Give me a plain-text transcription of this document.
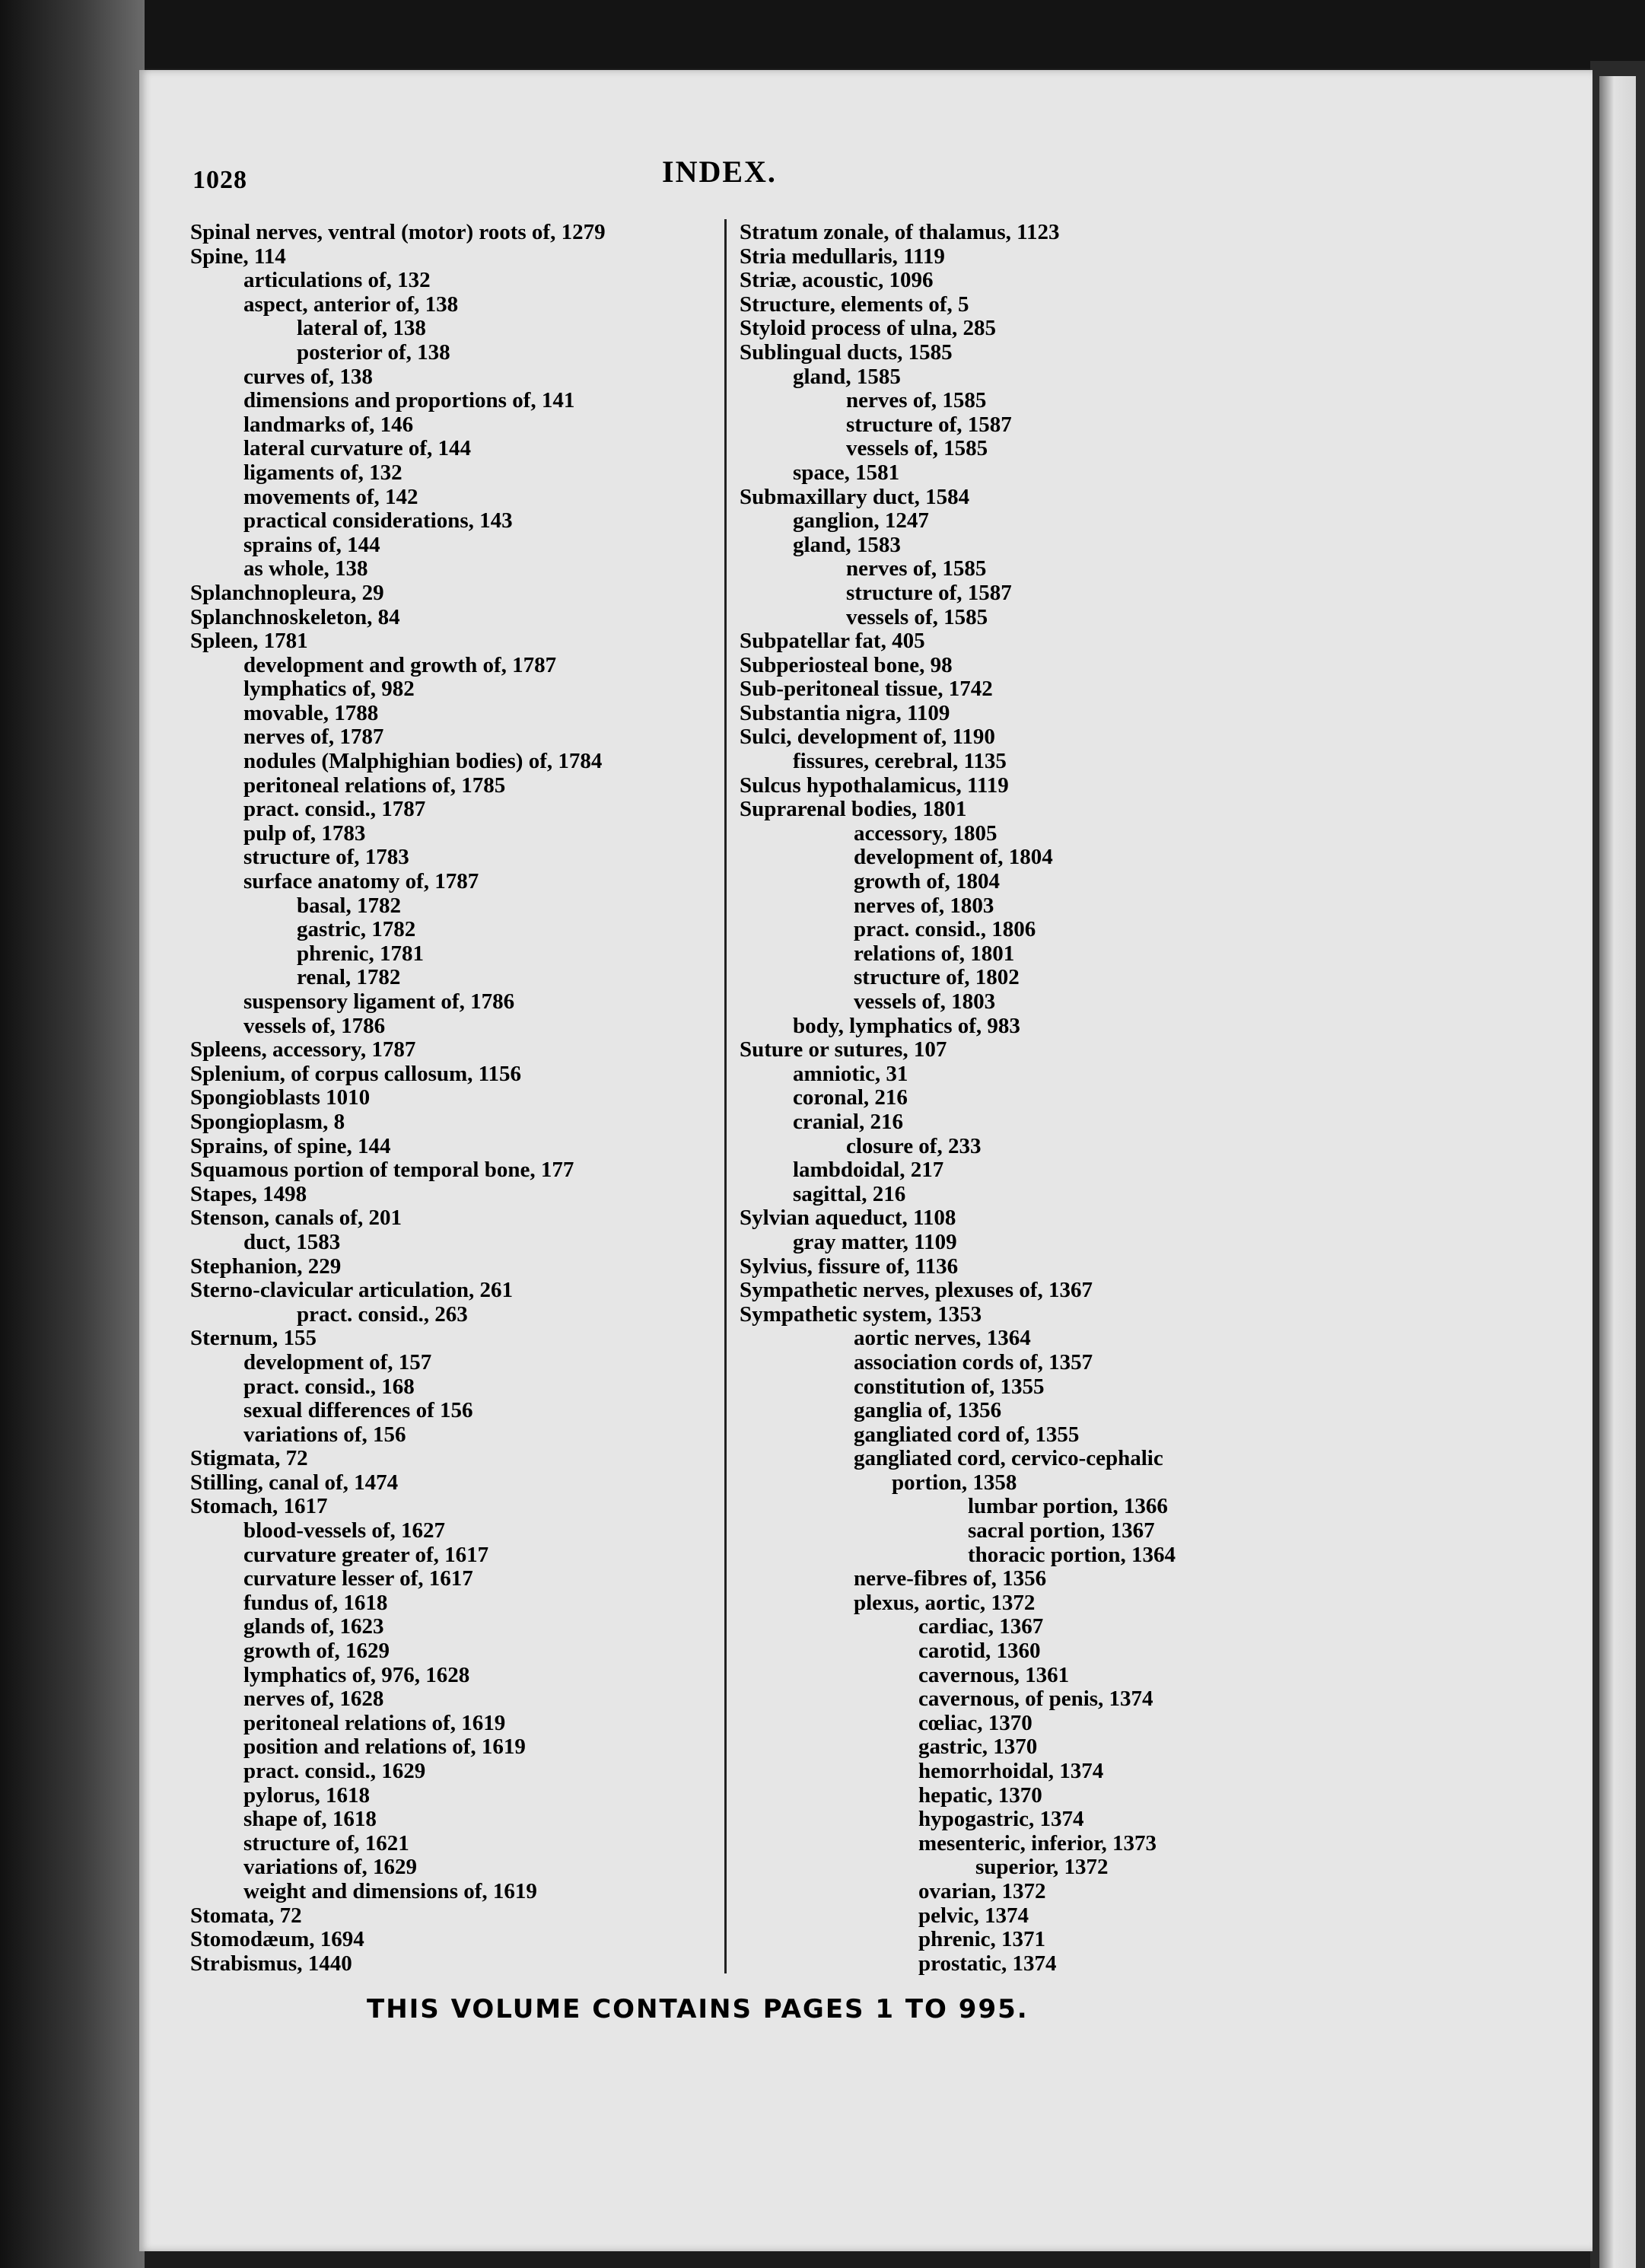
1028	INDEX.
Spinal nerves, ventral (motor) roots of, 1279
Spine, 114
articulations of, 132
aspect, anterior of, 138
lateral of, 138
posterior of, 138
curves of, 138
dimensions and proportions of, 141
landmarks of, 146
lateral curvature of, 144
ligaments of, 132
movements of, 142
practical considerations, 143
sprains of, 144
as whole, 138
Splanchnopleura, 29
Splanchnoskeleton, 84
Spleen, 1781
development and growth of, 1787
lymphatics of, 982
movable, 1788
nerves of, 1787
nodules (Malphighian bodies) of, 1784
peritoneal relations of, 1785
pract. consid., 1787
pulp of, 1783
structure of, 1783
surface anatomy of, 1787
basal, 1782
gastric, 1782
phrenic, 1781
renal, 1782
suspensory ligament of, 1786
vessels of, 1786
Spleens, accessory, 1787
Splenium, of corpus callosum, 1156
Spongioblasts 1010
Spongioplasm, 8
Sprains, of spine, 144
Squamous portion of temporal bone, 177
Stapes, 1498
Stenson, canals of, 201
duct, 1583
Stephanion, 229
Sterno-clavicular articulation, 261
pract. consid., 263
Sternum, 155
development of, 157
pract. consid., 168
sexual differences of 156
variations of, 156
Stigmata, 72
Stilling, canal of, 1474
Stomach, 1617
blood-vessels of, 1627
curvature greater of, 1617
curvature lesser of, 1617
fundus of, 1618
glands of, 1623
growth of, 1629
lymphatics of, 976, 1628
nerves of, 1628
peritoneal relations of, 1619
position and relations of, 1619
pract. consid., 1629
pylorus, 1618
shape of, 1618
structure of, 1621
variations of, 1629
weight and dimensions of, 1619
Stomata, 72
Stomodæum, 1694
Strabismus, 1440
Stratum zonale, of thalamus, 1123
Stria medullaris, 1119
Striæ, acoustic, 1096
Structure, elements of, 5
Styloid process of ulna, 285
Sublingual ducts, 1585
gland, 1585
nerves of, 1585
structure of, 1587
vessels of, 1585
space, 1581
Submaxillary duct, 1584
ganglion, 1247
gland, 1583
nerves of, 1585
structure of, 1587
vessels of, 1585
Subpatellar fat, 405
Subperiosteal bone, 98
Sub-peritoneal tissue, 1742
Substantia nigra, 1109
Sulci, development of, 1190
fissures, cerebral, 1135
Sulcus hypothalamicus, 1119
Suprarenal bodies, 1801
accessory, 1805
development of, 1804
growth of, 1804
nerves of, 1803
pract. consid., 1806
relations of, 1801
structure of, 1802
vessels of, 1803
body, lymphatics of, 983
Suture or sutures, 107
amniotic, 31
coronal, 216
cranial, 216
closure of, 233
lambdoidal, 217
sagittal, 216
Sylvian aqueduct, 1108
gray matter, 1109
Sylvius, fissure of, 1136
Sympathetic nerves, plexuses of, 1367
Sympathetic system, 1353
aortic nerves, 1364
association cords of, 1357
constitution of, 1355
ganglia of, 1356
gangliated cord of, 1355
gangliated cord, cervico-cephalic
portion, 1358
lumbar portion, 1366
sacral portion, 1367
thoracic portion, 1364
nerve-fibres of, 1356
plexus, aortic, 1372
cardiac, 1367
carotid, 1360
cavernous, 1361
cavernous, of penis, 1374
cœliac, 1370
gastric, 1370
hemorrhoidal, 1374
hepatic, 1370
hypogastric, 1374
mesenteric, inferior, 1373
superior, 1372
ovarian, 1372
pelvic, 1374
phrenic, 1371
prostatic, 1374
THIS VOLUME CONTAINS PAGES 1 TO 995.
